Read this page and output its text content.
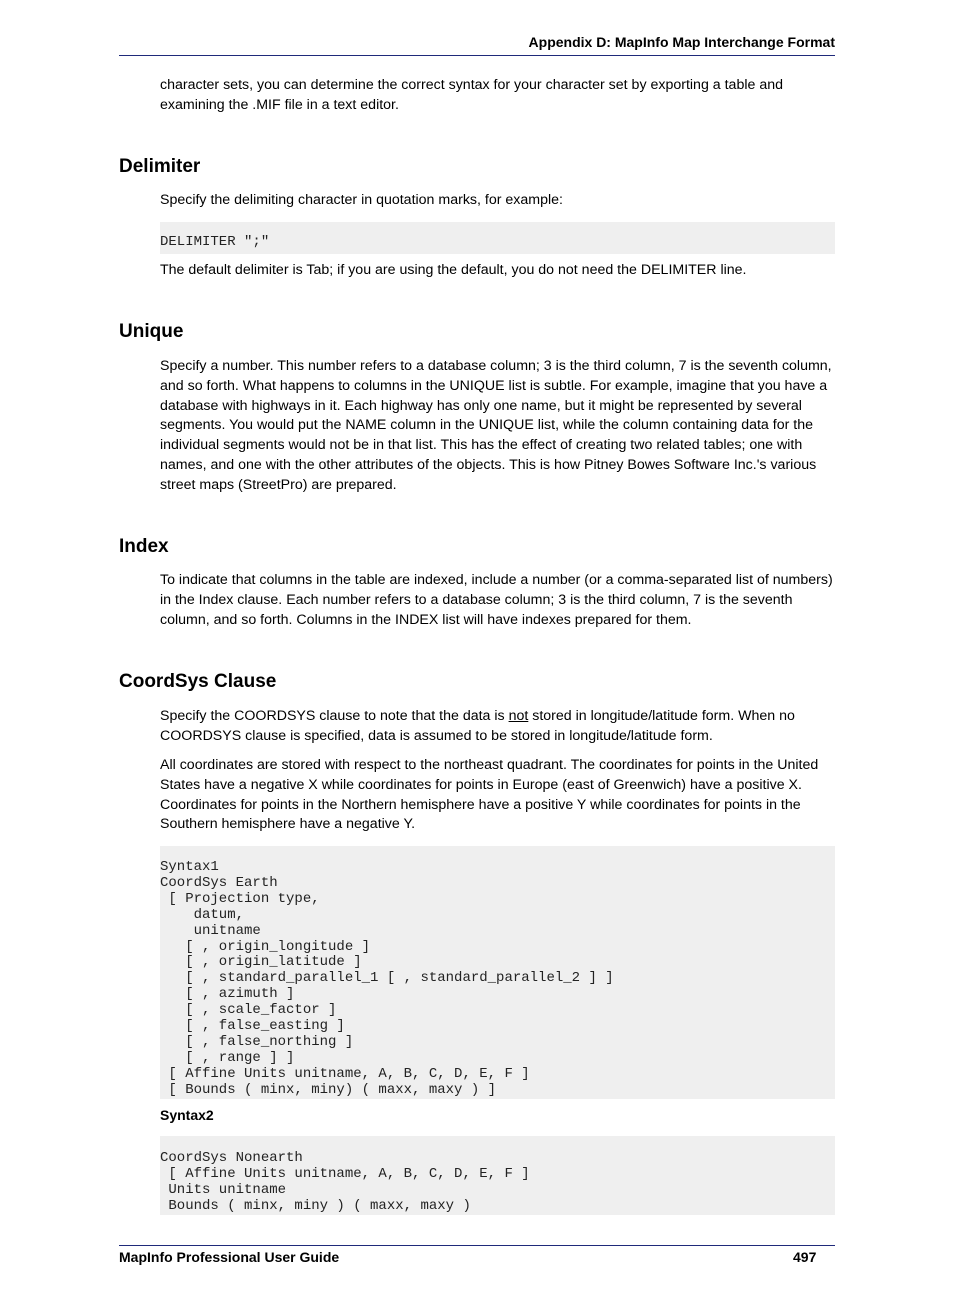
Appendix D: MapInfo Map Interchange Format

character sets, you can determine the correct syntax for your character set by exporting a table and examining the .MIF file in a text editor.

Delimiter

Specify the delimiting character in quotation marks, for example:

DELIMITER ";"

The default delimiter is Tab; if you are using the default, you do not need the DELIMITER line.

Unique

Specify a number. This number refers to a database column; 3 is the third column, 7 is the seventh column, and so forth. What happens to columns in the UNIQUE list is subtle. For example, imagine that you have a database with highways in it. Each highway has only one name, but it might be represented by several segments. You would put the NAME column in the UNIQUE list, while the column containing data for the individual segments would not be in that list. This has the effect of creating two related tables; one with names, and one with the other attributes of the objects. This is how Pitney Bowes Software Inc.'s various street maps (StreetPro) are prepared.

Index

To indicate that columns in the table are indexed, include a number (or a comma-separated list of numbers) in the Index clause. Each number refers to a database column; 3 is the third column, 7 is the seventh column, and so forth. Columns in the INDEX list will have indexes prepared for them.

CoordSys Clause

Specify the COORDSYS clause to note that the data is not stored in longitude/latitude form. When no COORDSYS clause is specified, data is assumed to be stored in longitude/latitude form.

All coordinates are stored with respect to the northeast quadrant. The coordinates for points in the United States have a negative X while coordinates for points in Europe (east of Greenwich) have a positive X. Coordinates for points in the Northern hemisphere have a positive Y while coordinates for points in the Southern hemisphere have a negative Y.

Syntax1
CoordSys Earth
[ Projection type,
datum,
unitname
[ , origin_longitude ]
[ , origin_latitude ]
[ , standard_parallel_1 [ , standard_parallel_2 ] ]
[ , azimuth ]
[ , scale_factor ]
[ , false_easting ]
[ , false_northing ]
[ , range ] ]
[ Affine Units unitname, A, B, C, D, E, F ]
[ Bounds ( minx, miny) ( maxx, maxy ) ]
Syntax2
CoordSys Nonearth
[ Affine Units unitname, A, B, C, D, E, F ]
Units unitname
Bounds ( minx, miny ) ( maxx, maxy )
MapInfo Professional User Guide	497
